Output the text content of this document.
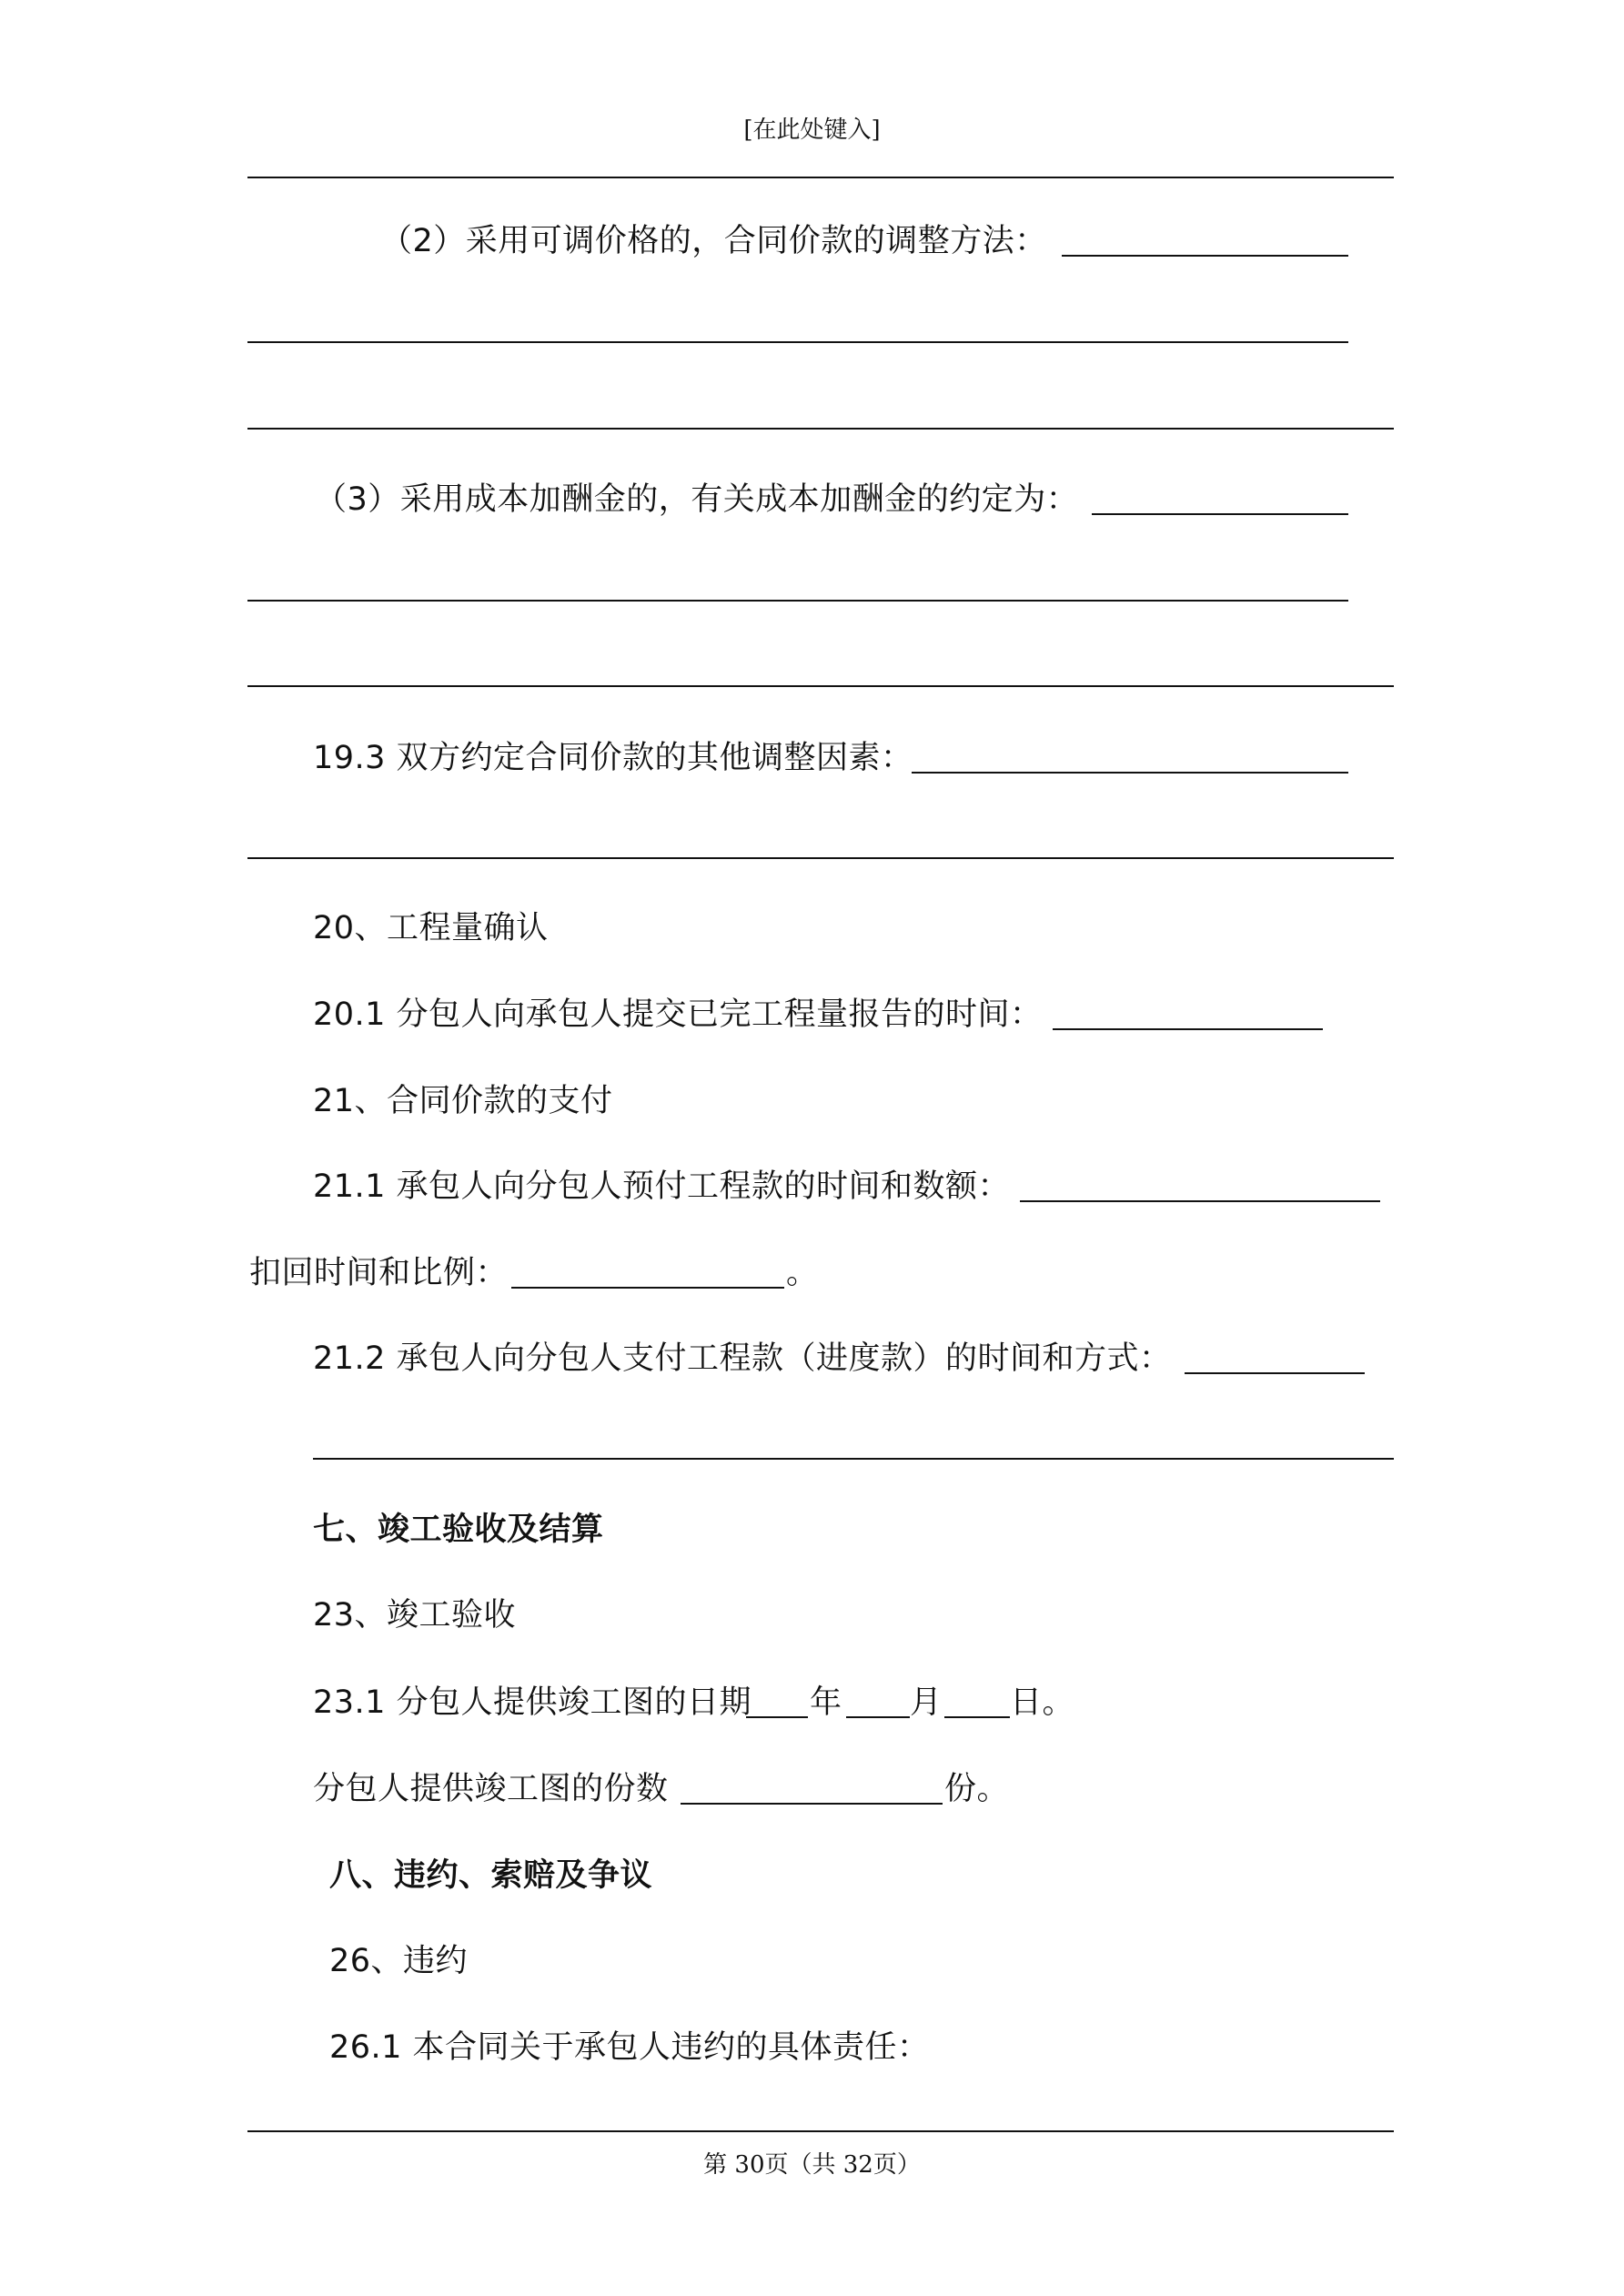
[在此处键入]
（2）采用可调价格的，合同价款的调整方法：
（3）采用成本加酬金的，有关成本加酬金的约定为：
19.3 双方约定合同价款的其他调整因素：
20、工程量确认
20.1 分包人向承包人提交已完工程量报告的时间：
21、合同价款的支付
21.1 承包人向分包人预付工程款的时间和数额：
扣回时间和比例：	。
21.2 承包人向分包人支付工程款（进度款）的时间和方式：
七、竣工验收及结算
23、竣工验收
23.1 分包人提供竣工图的日期 年 月 日。
分包人提供竣工图的份数	份。
八、违约、索赔及争议
26、违约
26.1 本合同关于承包人违约的具体责任：
第 30页（共 32页）
